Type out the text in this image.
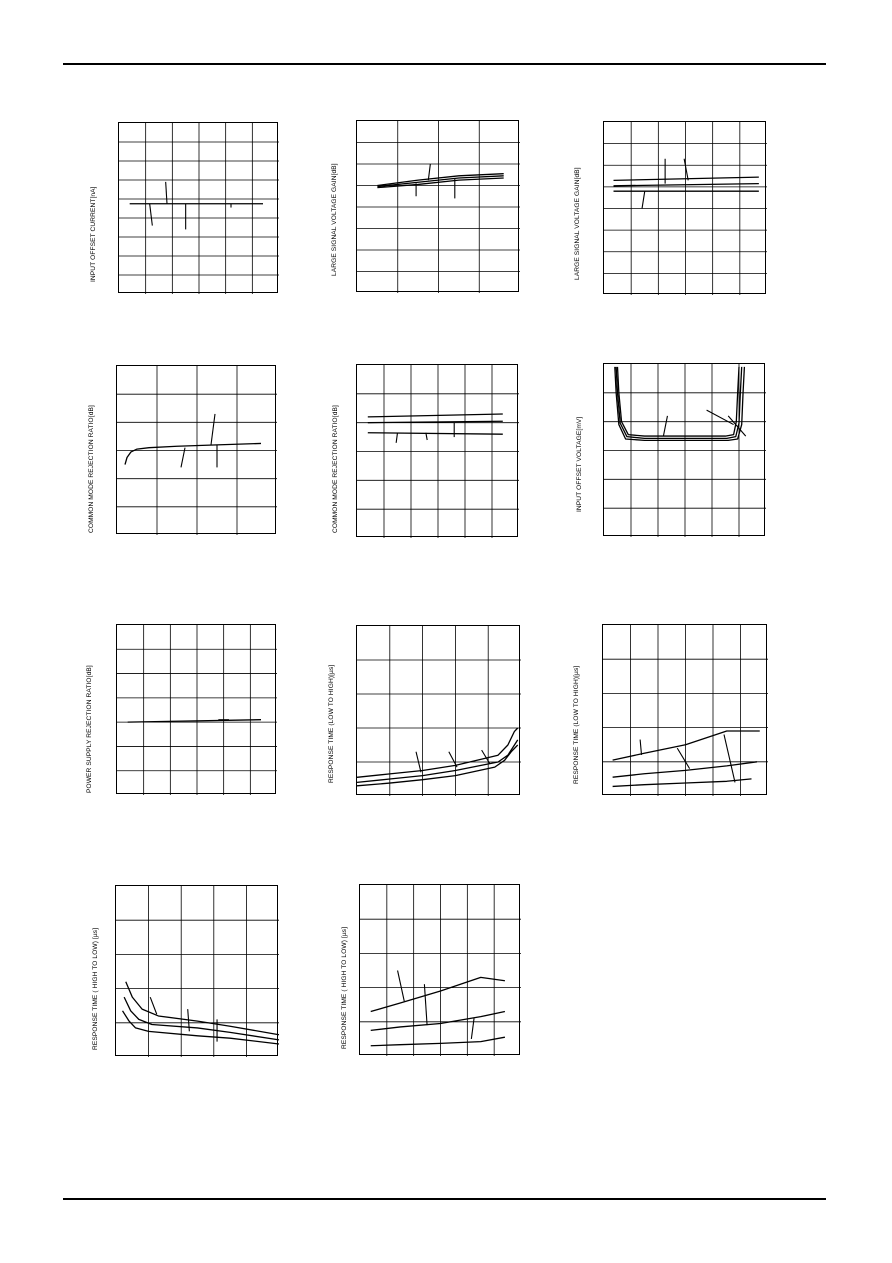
INPUT OFFSET CURRENT[nA]	LARGE SIGNAL VOLTAGE GAIN[dB]	LARGE SIGNAL VOLTAGE GAIN[dB]
COMMON MODE REJECTION RATIO[dB]	COMMON MODE REJECTION RATIO[dB]	INPUT OFFSET VOLTAGE[mV]
POWER SUPPLY REJECTION RATIO[dB]	RESPONSE TIME (LOW TO HIGH)[µs]	RESPONSE TIME (LOW TO HIGH)[µs]
RESPONSE TIME ( HIGH TO LOW) [µs]	RESPONSE TIME ( HIGH TO LOW) [µs]
